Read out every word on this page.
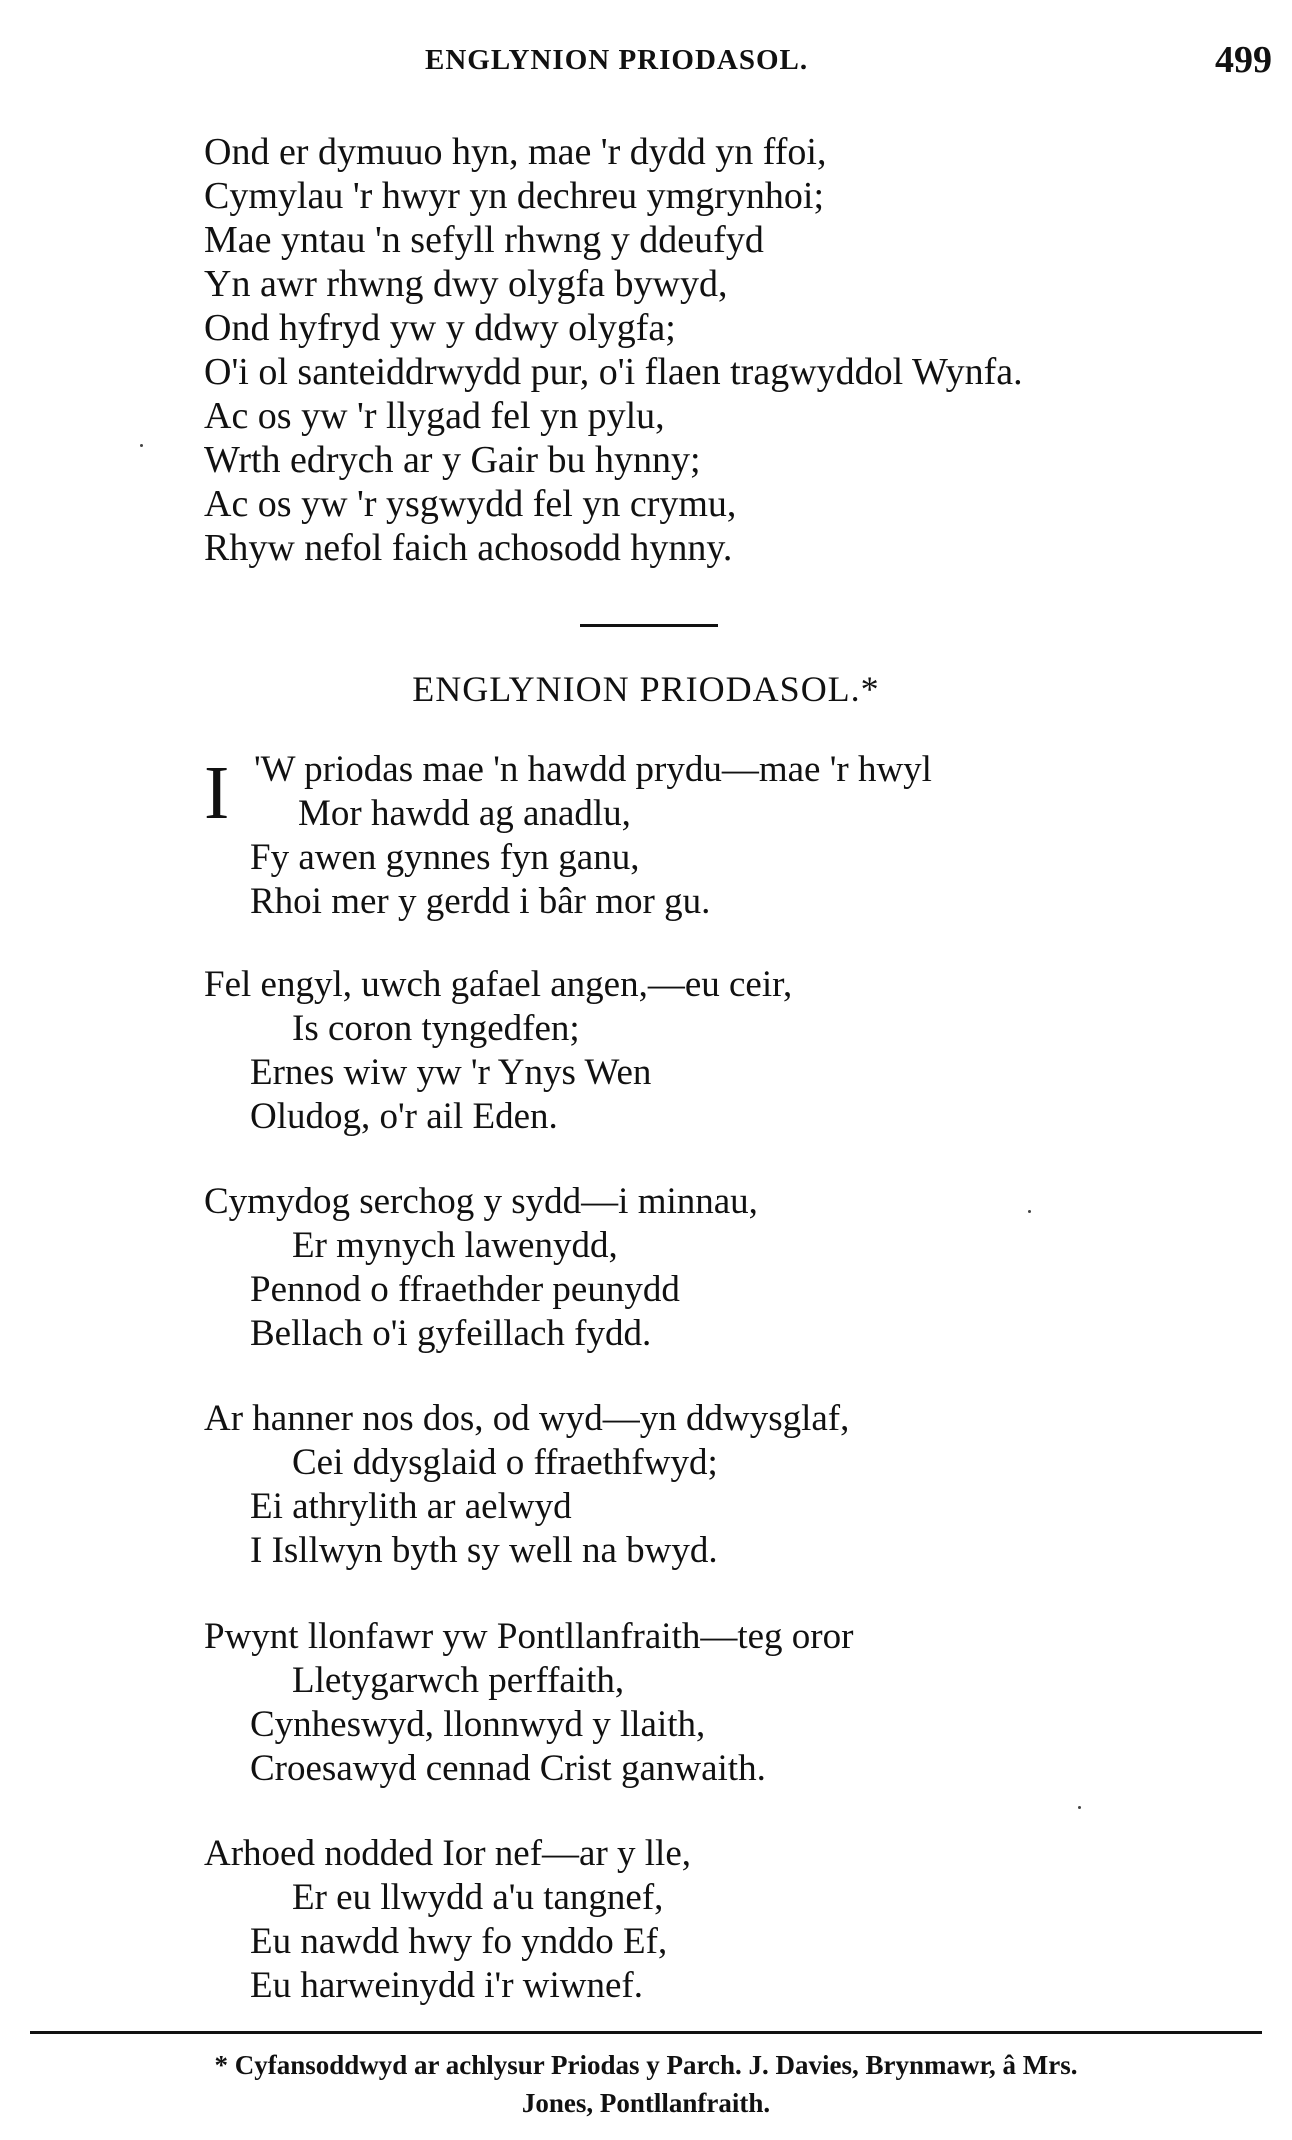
ENGLYNION PRIODASOL.	499
Ond er dymuuo hyn, mae 'r dydd yn ffoi,
Cymylau 'r hwyr yn dechreu ymgrynhoi;
Mae yntau 'n sefyll rhwng y ddeufyd
Yn awr rhwng dwy olygfa bywyd,
Ond hyfryd yw y ddwy olygfa;
O'i ol santeiddrwydd pur, o'i flaen tragwyddol Wynfa.
Ac os yw 'r llygad fel yn pylu,
Wrth edrych ar y Gair bu hynny;
Ac os yw 'r ysgwydd fel yn crymu,
Rhyw nefol faich achosodd hynny.
ENGLYNION PRIODASOL.*
I 'W priodas mae 'n hawdd prydu—mae 'r hwyl
Mor hawdd ag anadlu,
Fy awen gynnes fyn ganu,
Rhoi mer y gerdd i bâr mor gu.
Fel engyl, uwch gafael angen,—eu ceir,
Is coron tyngedfen;
Ernes wiw yw 'r Ynys Wen
Oludog, o'r ail Eden.
Cymydog serchog y sydd—i minnau,
Er mynych lawenydd,
Pennod o ffraethder peunydd
Bellach o'i gyfeillach fydd.
Ar hanner nos dos, od wyd—yn ddwysglaf,
Cei ddysglaid o ffraethfwyd;
Ei athrylith ar aelwyd
I Isllwyn byth sy well na bwyd.
Pwynt llonfawr yw Pontllanfraith—teg oror
Lletygarwch perffaith,
Cynheswyd, llonnwyd y llaith,
Croesawyd cennad Crist ganwaith.
Arhoed nodded Ior nef—ar y lle,
Er eu llwydd a'u tangnef,
Eu nawdd hwy fo ynddo Ef,
Eu harweinydd i'r wiwnef.
* Cyfansoddwyd ar achlysur Priodas y Parch. J. Davies, Brynmawr, â Mrs.
Jones, Pontllanfraith.
